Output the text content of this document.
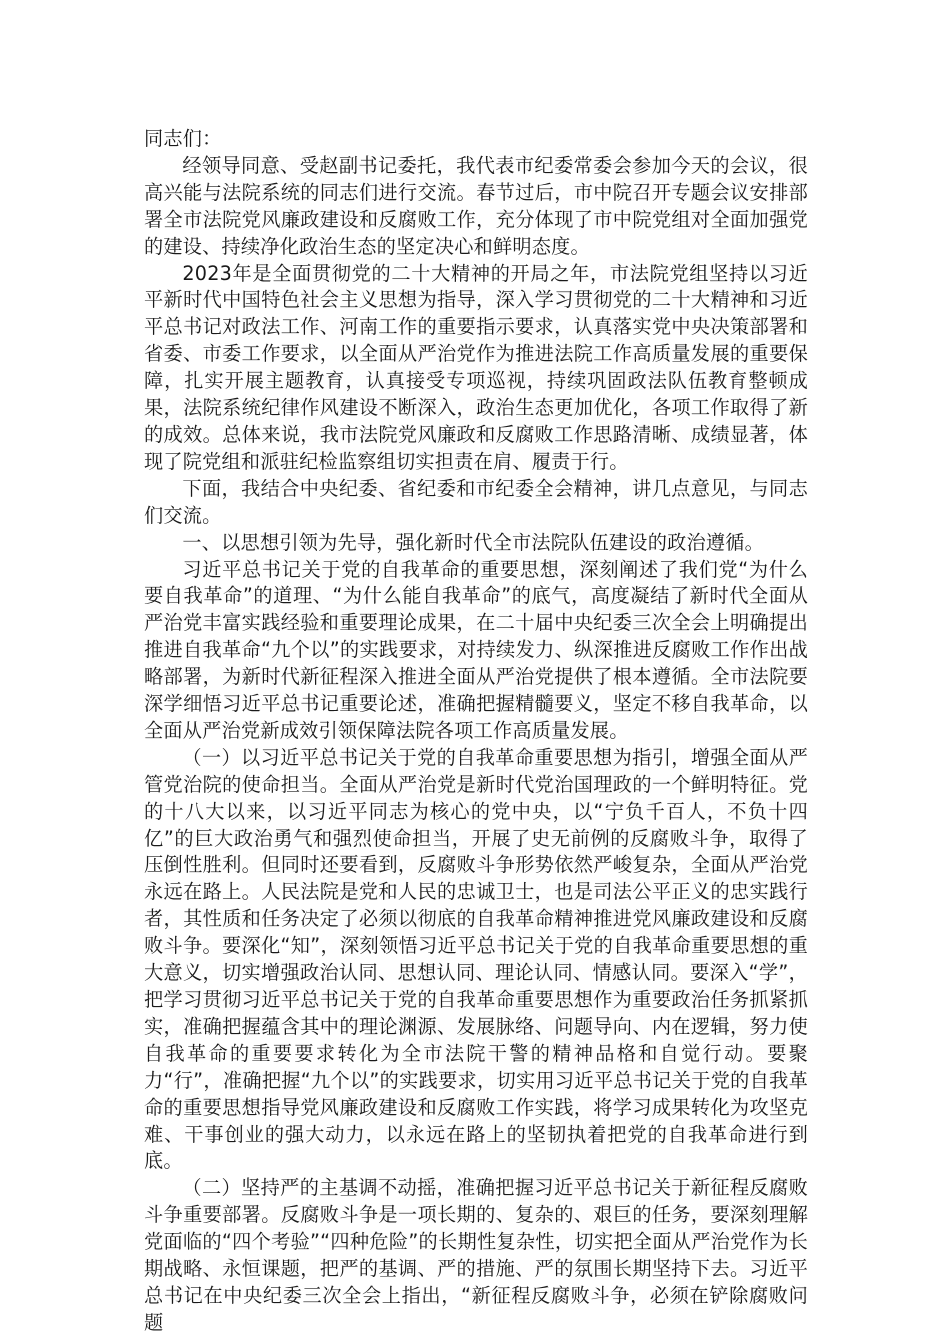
同志们：

经领导同意、受赵副书记委托，我代表市纪委常委会参加今天的会议，很高兴能与法院系统的同志们进行交流。春节过后，市中院召开专题会议安排部署全市法院党风廉政建设和反腐败工作，充分体现了市中院党组对全面加强党的建设、持续净化政治生态的坚定决心和鲜明态度。

2023年是全面贯彻党的二十大精神的开局之年，市法院党组坚持以习近平新时代中国特色社会主义思想为指导，深入学习贯彻党的二十大精神和习近平总书记对政法工作、河南工作的重要指示要求，认真落实党中央决策部署和省委、市委工作要求，以全面从严治党作为推进法院工作高质量发展的重要保障，扎实开展主题教育，认真接受专项巡视，持续巩固政法队伍教育整顿成果，法院系统纪律作风建设不断深入，政治生态更加优化，各项工作取得了新的成效。总体来说，我市法院党风廉政和反腐败工作思路清晰、成绩显著，体现了院党组和派驻纪检监察组切实担责在肩、履责于行。

下面，我结合中央纪委、省纪委和市纪委全会精神，讲几点意见，与同志们交流。

一、以思想引领为先导，强化新时代全市法院队伍建设的政治遵循。

习近平总书记关于党的自我革命的重要思想，深刻阐述了我们党“为什么要自我革命”的道理、“为什么能自我革命”的底气，高度凝结了新时代全面从严治党丰富实践经验和重要理论成果，在二十届中央纪委三次全会上明确提出推进自我革命“九个以”的实践要求，对持续发力、纵深推进反腐败工作作出战略部署，为新时代新征程深入推进全面从严治党提供了根本遵循。全市法院要深学细悟习近平总书记重要论述，准确把握精髓要义，坚定不移自我革命，以全面从严治党新成效引领保障法院各项工作高质量发展。

（一）以习近平总书记关于党的自我革命重要思想为指引，增强全面从严管党治院的使命担当。全面从严治党是新时代党治国理政的一个鲜明特征。党的十八大以来，以习近平同志为核心的党中央，以“宁负千百人，不负十四亿”的巨大政治勇气和强烈使命担当，开展了史无前例的反腐败斗争，取得了压倒性胜利。但同时还要看到，反腐败斗争形势依然严峻复杂，全面从严治党永远在路上。人民法院是党和人民的忠诚卫士，也是司法公平正义的忠实践行者，其性质和任务决定了必须以彻底的自我革命精神推进党风廉政建设和反腐败斗争。要深化“知”，深刻领悟习近平总书记关于党的自我革命重要思想的重大意义，切实增强政治认同、思想认同、理论认同、情感认同。要深入“学”，把学习贯彻习近平总书记关于党的自我革命重要思想作为重要政治任务抓紧抓实，准确把握蕴含其中的理论渊源、发展脉络、问题导向、内在逻辑，努力使自我革命的重要要求转化为全市法院干警的精神品格和自觉行动。要聚力“行”，准确把握“九个以”的实践要求，切实用习近平总书记关于党的自我革命的重要思想指导党风廉政建设和反腐败工作实践，将学习成果转化为攻坚克难、干事创业的强大动力，以永远在路上的坚韧执着把党的自我革命进行到底。

（二）坚持严的主基调不动摇，准确把握习近平总书记关于新征程反腐败斗争重要部署。反腐败斗争是一项长期的、复杂的、艰巨的任务，要深刻理解党面临的“四个考验”“四种危险”的长期性复杂性，切实把全面从严治党作为长期战略、永恒课题，把严的基调、严的措施、严的氛围长期坚持下去。习近平总书记在中央纪委三次全会上指出，“新征程反腐败斗争，必须在铲除腐败问题
